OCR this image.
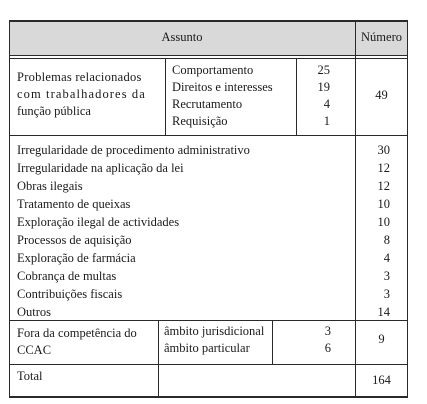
Assunto	Número
Problemas relacionados
com trabalhadores da
função pública
Comportamento
Direitos e interesses
Recrutamento
Requisição
25
19
4
1
49
Irregularidade de procedimento administrativo
Irregularidade na aplicação da lei
Obras ilegais
Tratamento de queixas
Exploração ilegal de actividades
Processos de aquisição
Exploração de farmácia
Cobrança de multas
Contribuições fiscais
Outros
30
12
12
10
10
8
4
3
3
14
Fora da competência do
CCAC
âmbito jurisdicional
âmbito particular
3
6
9
Total	164
